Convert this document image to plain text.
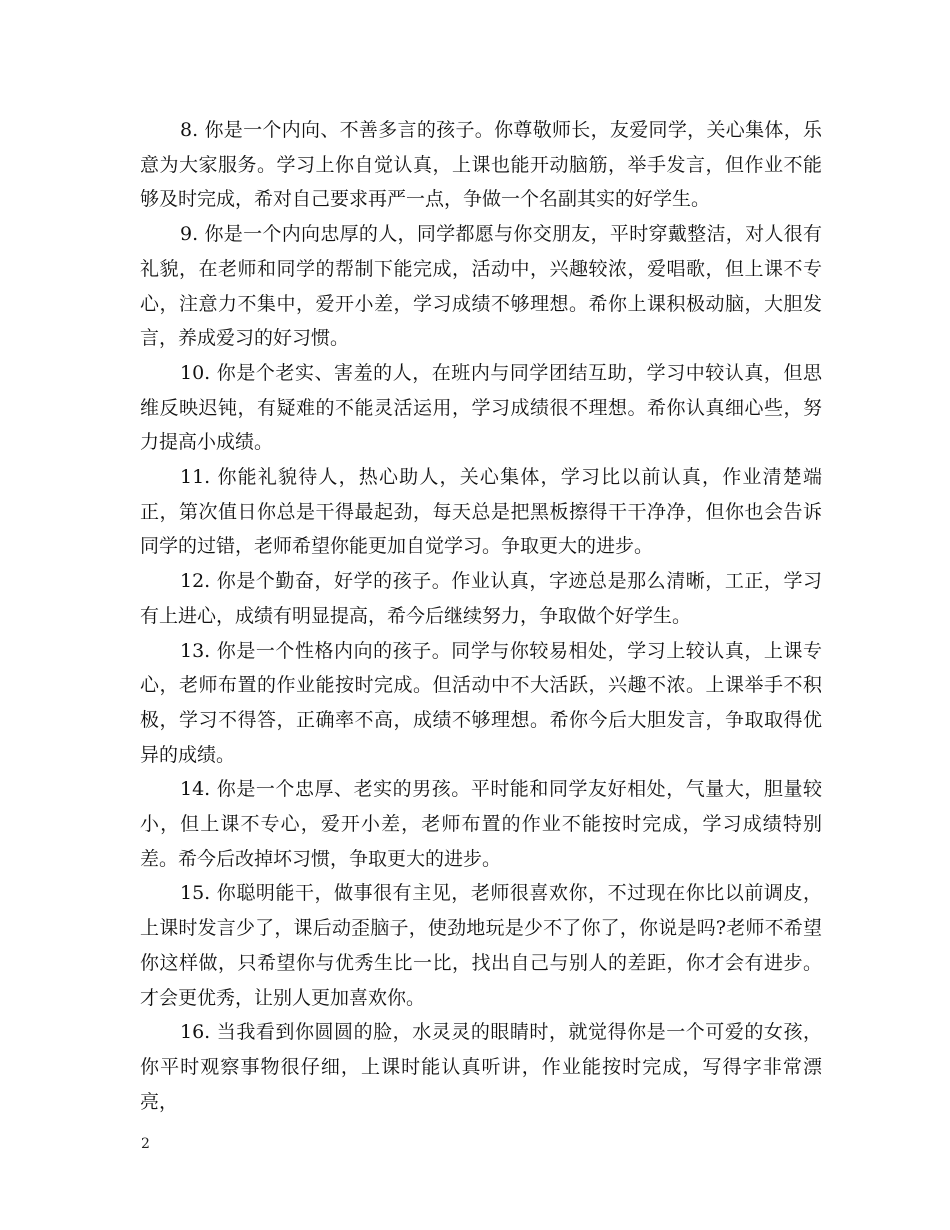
8. 你是一个内向、不善多言的孩子。你尊敬师长，友爱同学，关心集体，乐意为大家服务。学习上你自觉认真，上课也能开动脑筋，举手发言，但作业不能够及时完成，希对自己要求再严一点，争做一个名副其实的好学生。

9. 你是一个内向忠厚的人，同学都愿与你交朋友，平时穿戴整洁，对人很有礼貌，在老师和同学的帮制下能完成，活动中，兴趣较浓，爱唱歌，但上课不专心，注意力不集中，爱开小差，学习成绩不够理想。希你上课积极动脑，大胆发言，养成爱习的好习惯。

10. 你是个老实、害羞的人，在班内与同学团结互助，学习中较认真，但思维反映迟钝，有疑难的不能灵活运用，学习成绩很不理想。希你认真细心些，努力提高小成绩。

11. 你能礼貌待人，热心助人，关心集体，学习比以前认真，作业清楚端正，第次值日你总是干得最起劲，每天总是把黑板擦得干干净净，但你也会告诉同学的过错，老师希望你能更加自觉学习。争取更大的进步。

12. 你是个勤奋，好学的孩子。作业认真，字迹总是那么清晰，工正，学习有上进心，成绩有明显提高，希今后继续努力，争取做个好学生。

13. 你是一个性格内向的孩子。同学与你较易相处，学习上较认真，上课专心，老师布置的作业能按时完成。但活动中不大活跃，兴趣不浓。上课举手不积极，学习不得答，正确率不高，成绩不够理想。希你今后大胆发言，争取取得优异的成绩。

14. 你是一个忠厚、老实的男孩。平时能和同学友好相处，气量大，胆量较小，但上课不专心，爱开小差，老师布置的作业不能按时完成，学习成绩特别差。希今后改掉坏习惯，争取更大的进步。

15. 你聪明能干，做事很有主见，老师很喜欢你，不过现在你比以前调皮，上课时发言少了，课后动歪脑子，使劲地玩是少不了你了，你说是吗?老师不希望你这样做，只希望你与优秀生比一比，找出自己与别人的差距，你才会有进步。才会更优秀，让别人更加喜欢你。

16. 当我看到你圆圆的脸，水灵灵的眼睛时，就觉得你是一个可爱的女孩，你平时观察事物很仔细，上课时能认真听讲，作业能按时完成，写得字非常漂亮，

2
